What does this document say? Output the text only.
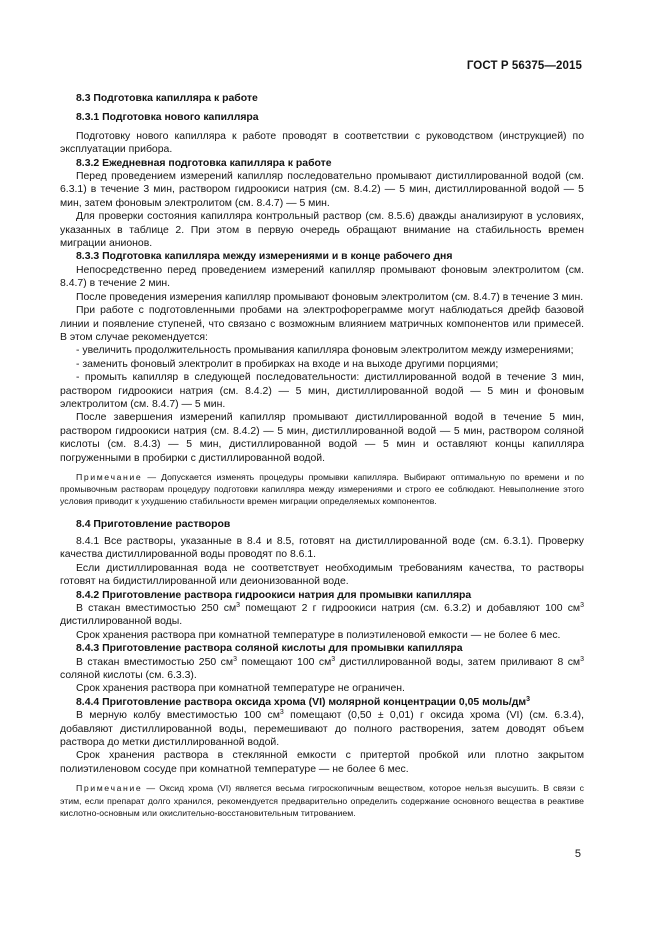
ГОСТ Р 56375—2015

8.3 Подготовка капилляра к работе

8.3.1 Подготовка нового капилляра

Подготовку нового капилляра к работе проводят в соответствии с руководством (инструкцией) по эксплуатации прибора.

8.3.2 Ежедневная подготовка капилляра к работе

Перед проведением измерений капилляр последовательно промывают дистиллированной водой (см. 6.3.1) в течение 3 мин, раствором гидроокиси натрия (см. 8.4.2) — 5 мин, дистиллированной водой — 5 мин, затем фоновым электролитом (см. 8.4.7) — 5 мин.

Для проверки состояния капилляра контрольный раствор (см. 8.5.6) дважды анализируют в условиях, указанных в таблице 2. При этом в первую очередь обращают внимание на стабильность времен миграции анионов.

8.3.3 Подготовка капилляра между измерениями и в конце рабочего дня

Непосредственно перед проведением измерений капилляр промывают фоновым электролитом (см. 8.4.7) в течение 2 мин.

После проведения измерения капилляр промывают фоновым электролитом (см. 8.4.7) в течение 3 мин.

При работе с подготовленными пробами на электрофореграмме могут наблюдаться дрейф базовой линии и появление ступеней, что связано с возможным влиянием матричных компонентов или примесей. В этом случае рекомендуется:

- увеличить продолжительность промывания капилляра фоновым электролитом между измерениями;

- заменить фоновый электролит в пробирках на входе и на выходе другими порциями;

- промыть капилляр в следующей последовательности: дистиллированной водой в течение 3 мин, раствором гидроокиси натрия (см. 8.4.2) — 5 мин, дистиллированной водой — 5 мин и фоновым электролитом (см. 8.4.7) — 5 мин.

После завершения измерений капилляр промывают дистиллированной водой в течение 5 мин, раствором гидроокиси натрия (см. 8.4.2) — 5 мин, дистиллированной водой — 5 мин, раствором соляной кислоты (см. 8.4.3) — 5 мин, дистиллированной водой — 5 мин и оставляют концы капилляра погруженными в пробирки с дистиллированной водой.

Примечание — Допускается изменять процедуры промывки капилляра. Выбирают оптимальную по времени и по промывочным растворам процедуру подготовки капилляра между измерениями и строго ее соблюдают. Невыполнение этого условия приводит к ухудшению стабильности времен миграции определяемых компонентов.

8.4 Приготовление растворов

8.4.1 Все растворы, указанные в 8.4 и 8.5, готовят на дистиллированной воде (см. 6.3.1). Проверку качества дистиллированной воды проводят по 8.6.1.

Если дистиллированная вода не соответствует необходимым требованиям качества, то растворы готовят на бидистиллированной или деионизованной воде.

8.4.2 Приготовление раствора гидроокиси натрия для промывки капилляра

В стакан вместимостью 250 $см^3$ помещают 2 г гидроокиси натрия (см. 6.3.2) и добавляют 100 $см^3$ дистиллированной воды.

Срок хранения раствора при комнатной температуре в полиэтиленовой емкости — не более 6 мес.

8.4.3 Приготовление раствора соляной кислоты для промывки капилляра

В стакан вместимостью 250 $см^3$ помещают 100 $см^3$ дистиллированной воды, затем приливают 8 $см^3$ соляной кислоты (см. 6.3.3).

Срок хранения раствора при комнатной температуре не ограничен.

8.4.4 Приготовление раствора оксида хрома (VI) молярной концентрации 0,05 моль/$дм^3$

В мерную колбу вместимостью 100 $см^3$ помещают (0,50 ± 0,01) г оксида хрома (VI) (см. 6.3.4), добавляют дистиллированной воды, перемешивают до полного растворения, затем доводят объем раствора до метки дистиллированной водой.

Срок хранения раствора в стеклянной емкости с притертой пробкой или плотно закрытом полиэтиленовом сосуде при комнатной температуре — не более 6 мес.

Примечание — Оксид хрома (VI) является весьма гигроскопичным веществом, которое нельзя высушить. В связи с этим, если препарат долго хранился, рекомендуется предварительно определить содержание основного вещества в реактиве кислотно-основным или окислительно-восстановительным титрованием.

5
